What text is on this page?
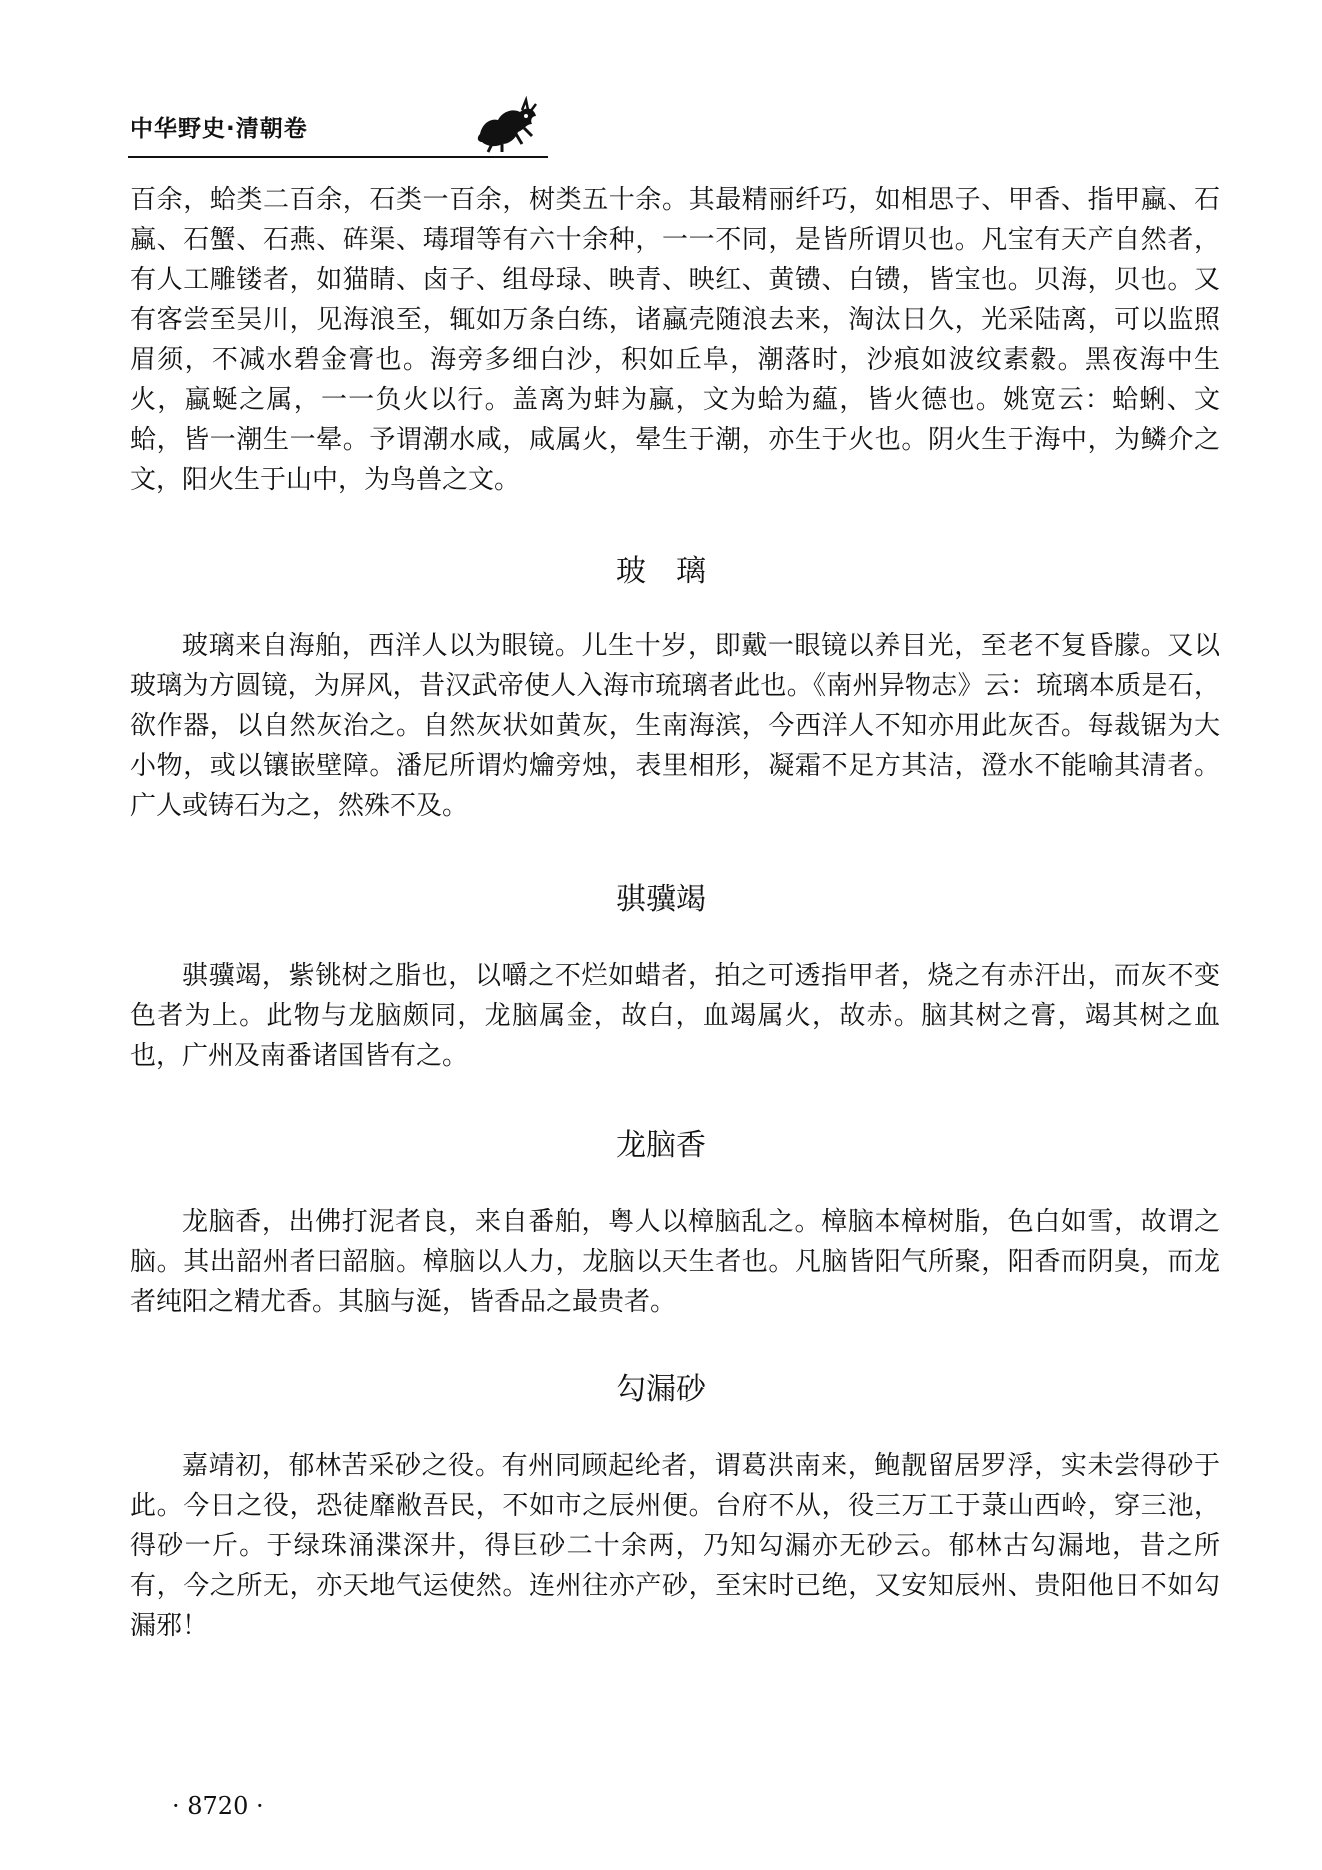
中华野史·清朝卷
百余，蛤类二百余，石类一百余，树类五十余。其最精丽纤巧，如相思子、甲香、指甲蠃、石蠃、石蟹、石燕、砗渠、瑇瑁等有六十余种，一一不同，是皆所谓贝也。凡宝有天产自然者，有人工雕镂者，如猫睛、卤子、组母琭、映青、映红、黄镄、白镄，皆宝也。贝海，贝也。又有客尝至吴川，见海浪至，辄如万条白练，诸蠃壳随浪去来，淘汰日久，光采陆离，可以监照眉须，不减水碧金膏也。海旁多细白沙，积如丘阜，潮落时，沙痕如波纹素縠。黑夜海中生火，蠃蜒之属，一一负火以行。盖离为蚌为蠃，文为蛤为藴，皆火德也。姚宽云：蛤蜊、文蛤，皆一潮生一晕。予谓潮水咸，咸属火，晕生于潮，亦生于火也。阴火生于海中，为鳞介之文，阳火生于山中，为鸟兽之文。
玻　璃
玻璃来自海舶，西洋人以为眼镜。儿生十岁，即戴一眼镜以养目光，至老不复昏朦。又以玻璃为方圆镜，为屏风，昔汉武帝使人入海市琉璃者此也。《南州异物志》云：琉璃本质是石，欲作器，以自然灰治之。自然灰状如黄灰，生南海滨，今西洋人不知亦用此灰否。每裁锯为大小物，或以镶嵌壁障。潘尼所谓灼爚旁烛，表里相形，凝霜不足方其洁，澄水不能喻其清者。广人或铸石为之，然殊不及。
骐骥竭
骐骥竭，紫铫树之脂也，以嚼之不烂如蜡者，拍之可透指甲者，烧之有赤汗出，而灰不变色者为上。此物与龙脑颇同，龙脑属金，故白，血竭属火，故赤。脑其树之膏，竭其树之血也，广州及南番诸国皆有之。
龙脑香
龙脑香，出佛打泥者良，来自番舶，粤人以樟脑乱之。樟脑本樟树脂，色白如雪，故谓之脑。其出韶州者曰韶脑。樟脑以人力，龙脑以天生者也。凡脑皆阳气所聚，阳香而阴臭，而龙者纯阳之精尤香。其脑与涎，皆香品之最贵者。
勾漏砂
嘉靖初，郁林苦采砂之役。有州同顾起纶者，谓葛洪南来，鲍靓留居罗浮，实未尝得砂于此。今日之役，恐徒靡敝吾民，不如市之辰州便。台府不从，役三万工于菉山西岭，穿三池，得砂一斤。于绿珠涌渫深井，得巨砂二十余两，乃知勾漏亦无砂云。郁林古勾漏地，昔之所有，今之所无，亦天地气运使然。连州往亦产砂，至宋时已绝，又安知辰州、贵阳他日不如勾漏邪！
· 8720 ·
